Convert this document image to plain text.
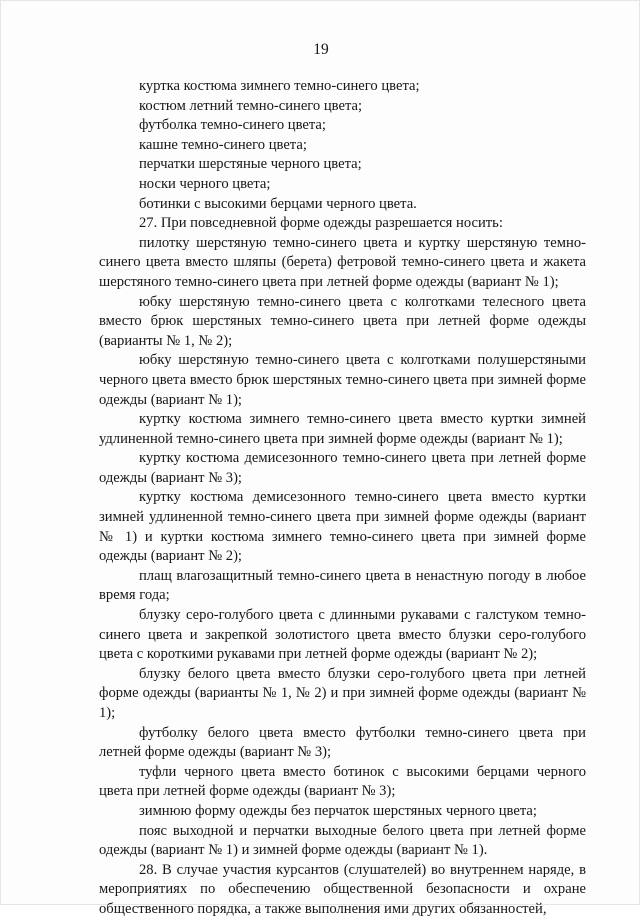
19

куртка костюма зимнего темно-синего цвета;

костюм летний темно-синего цвета;

футболка темно-синего цвета;

кашне темно-синего цвета;

перчатки шерстяные черного цвета;

носки черного цвета;

ботинки с высокими берцами черного цвета.

27. При повседневной форме одежды разрешается носить:

пилотку шерстяную темно-синего цвета и куртку шерстяную темно-синего цвета вместо шляпы (берета) фетровой темно-синего цвета и жакета шерстяного темно-синего цвета при летней форме одежды (вариант № 1);

юбку шерстяную темно-синего цвета с колготками телесного цвета вместо брюк шерстяных темно-синего цвета при летней форме одежды (варианты № 1, № 2);

юбку шерстяную темно-синего цвета с колготками полушерстяными черного цвета вместо брюк шерстяных темно-синего цвета при зимней форме одежды (вариант № 1);

куртку костюма зимнего темно-синего цвета вместо куртки зимней удлиненной темно-синего цвета при зимней форме одежды (вариант № 1);

куртку костюма демисезонного темно-синего цвета при летней форме одежды (вариант № 3);

куртку костюма демисезонного темно-синего цвета вместо куртки зимней удлиненной темно-синего цвета при зимней форме одежды (вариант № 1) и куртки костюма зимнего темно-синего цвета при зимней форме одежды (вариант № 2);

плащ влагозащитный темно-синего цвета в ненастную погоду в любое время года;

блузку серо-голубого цвета с длинными рукавами с галстуком темно-синего цвета и закрепкой золотистого цвета вместо блузки серо-голубого цвета с короткими рукавами при летней форме одежды (вариант № 2);

блузку белого цвета вместо блузки серо-голубого цвета при летней форме одежды (варианты № 1, № 2) и при зимней форме одежды (вариант № 1);

футболку белого цвета вместо футболки темно-синего цвета при летней форме одежды (вариант № 3);

туфли черного цвета вместо ботинок с высокими берцами черного цвета при летней форме одежды (вариант № 3);

зимнюю форму одежды без перчаток шерстяных черного цвета;

пояс выходной и перчатки выходные белого цвета при летней форме одежды (вариант № 1) и зимней форме одежды (вариант № 1).

28. В случае участия курсантов (слушателей) во внутреннем наряде, в мероприятиях по обеспечению общественной безопасности и охране общественного порядка, а также выполнения ими других обязанностей,
